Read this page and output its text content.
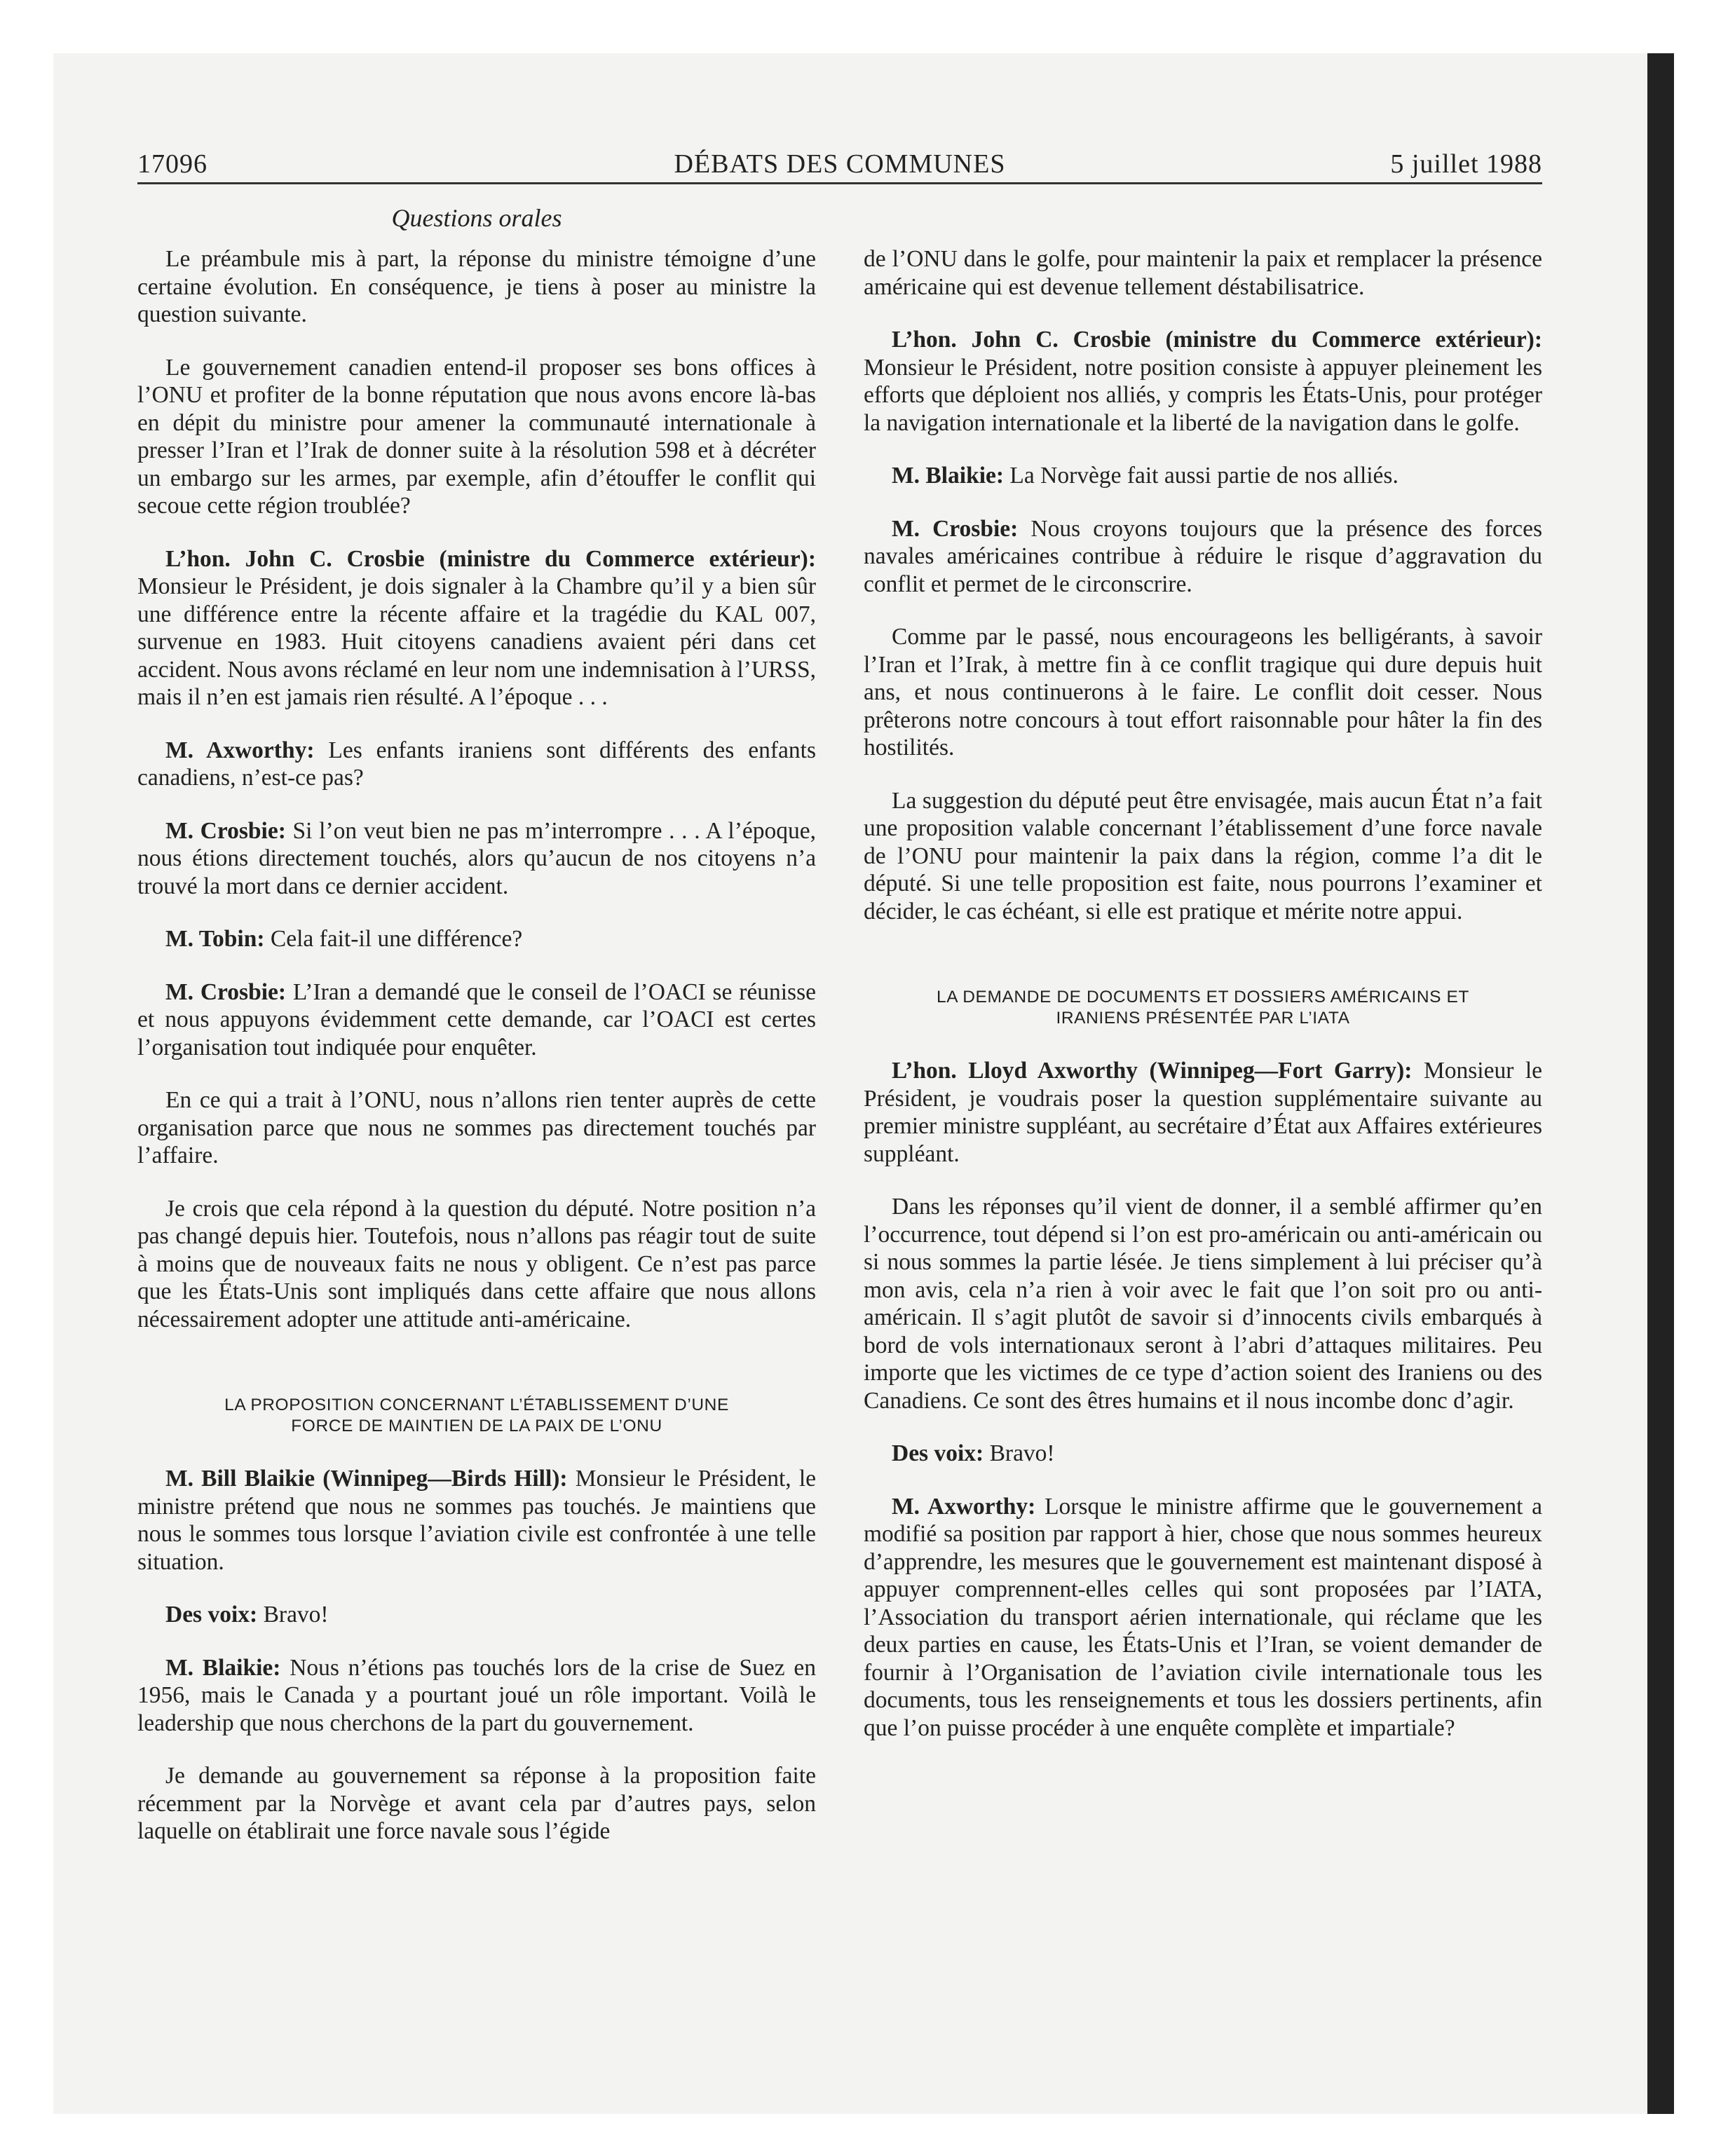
17096	DÉBATS DES COMMUNES	5 juillet 1988
Questions orales

Le préambule mis à part, la réponse du ministre témoigne d’une certaine évolution. En conséquence, je tiens à poser au ministre la question suivante.

Le gouvernement canadien entend-il proposer ses bons offices à l’ONU et profiter de la bonne réputation que nous avons encore là-bas en dépit du ministre pour amener la communauté internationale à presser l’Iran et l’Irak de donner suite à la résolution 598 et à décréter un embargo sur les armes, par exemple, afin d’étouffer le conflit qui secoue cette région troublée?

L’hon. John C. Crosbie (ministre du Commerce extérieur): Monsieur le Président, je dois signaler à la Chambre qu’il y a bien sûr une différence entre la récente affaire et la tragédie du KAL 007, survenue en 1983. Huit citoyens canadiens avaient péri dans cet accident. Nous avons réclamé en leur nom une indemnisation à l’URSS, mais il n’en est jamais rien résulté. A l’époque . . .

M. Axworthy: Les enfants iraniens sont différents des enfants canadiens, n’est-ce pas?

M. Crosbie: Si l’on veut bien ne pas m’interrompre . . . A l’époque, nous étions directement touchés, alors qu’aucun de nos citoyens n’a trouvé la mort dans ce dernier accident.

M. Tobin: Cela fait-il une différence?

M. Crosbie: L’Iran a demandé que le conseil de l’OACI se réunisse et nous appuyons évidemment cette demande, car l’OACI est certes l’organisation tout indiquée pour enquêter.

En ce qui a trait à l’ONU, nous n’allons rien tenter auprès de cette organisation parce que nous ne sommes pas directement touchés par l’affaire.

Je crois que cela répond à la question du député. Notre position n’a pas changé depuis hier. Toutefois, nous n’allons pas réagir tout de suite à moins que de nouveaux faits ne nous y obligent. Ce n’est pas parce que les États-Unis sont impliqués dans cette affaire que nous allons nécessairement adopter une attitude anti-américaine.

LA PROPOSITION CONCERNANT L’ÉTABLISSEMENT D’UNE
FORCE DE MAINTIEN DE LA PAIX DE L’ONU

M. Bill Blaikie (Winnipeg—Birds Hill): Monsieur le Président, le ministre prétend que nous ne sommes pas touchés. Je maintiens que nous le sommes tous lorsque l’aviation civile est confrontée à une telle situation.

Des voix: Bravo!

M. Blaikie: Nous n’étions pas touchés lors de la crise de Suez en 1956, mais le Canada y a pourtant joué un rôle important. Voilà le leadership que nous cherchons de la part du gouvernement.

Je demande au gouvernement sa réponse à la proposition faite récemment par la Norvège et avant cela par d’autres pays, selon laquelle on établirait une force navale sous l’égide

de l’ONU dans le golfe, pour maintenir la paix et remplacer la présence américaine qui est devenue tellement déstabilisatrice.

L’hon. John C. Crosbie (ministre du Commerce extérieur): Monsieur le Président, notre position consiste à appuyer pleinement les efforts que déploient nos alliés, y compris les États-Unis, pour protéger la navigation internationale et la liberté de la navigation dans le golfe.

M. Blaikie: La Norvège fait aussi partie de nos alliés.

M. Crosbie: Nous croyons toujours que la présence des forces navales américaines contribue à réduire le risque d’aggravation du conflit et permet de le circonscrire.

Comme par le passé, nous encourageons les belligérants, à savoir l’Iran et l’Irak, à mettre fin à ce conflit tragique qui dure depuis huit ans, et nous continuerons à le faire. Le conflit doit cesser. Nous prêterons notre concours à tout effort raisonnable pour hâter la fin des hostilités.

La suggestion du député peut être envisagée, mais aucun État n’a fait une proposition valable concernant l’établissement d’une force navale de l’ONU pour maintenir la paix dans la région, comme l’a dit le député. Si une telle proposition est faite, nous pourrons l’examiner et décider, le cas échéant, si elle est pratique et mérite notre appui.

LA DEMANDE DE DOCUMENTS ET DOSSIERS AMÉRICAINS ET
IRANIENS PRÉSENTÉE PAR L’IATA

L’hon. Lloyd Axworthy (Winnipeg—Fort Garry): Monsieur le Président, je voudrais poser la question supplémentaire suivante au premier ministre suppléant, au secrétaire d’État aux Affaires extérieures suppléant.

Dans les réponses qu’il vient de donner, il a semblé affirmer qu’en l’occurrence, tout dépend si l’on est pro-américain ou anti-américain ou si nous sommes la partie lésée. Je tiens simplement à lui préciser qu’à mon avis, cela n’a rien à voir avec le fait que l’on soit pro ou anti-américain. Il s’agit plutôt de savoir si d’innocents civils embarqués à bord de vols internationaux seront à l’abri d’attaques militaires. Peu importe que les victimes de ce type d’action soient des Iraniens ou des Canadiens. Ce sont des êtres humains et il nous incombe donc d’agir.

Des voix: Bravo!

M. Axworthy: Lorsque le ministre affirme que le gouvernement a modifié sa position par rapport à hier, chose que nous sommes heureux d’apprendre, les mesures que le gouvernement est maintenant disposé à appuyer comprennent-elles celles qui sont proposées par l’IATA, l’Association du transport aérien internationale, qui réclame que les deux parties en cause, les États-Unis et l’Iran, se voient demander de fournir à l’Organisation de l’aviation civile internationale tous les documents, tous les renseignements et tous les dossiers pertinents, afin que l’on puisse procéder à une enquête complète et impartiale?
